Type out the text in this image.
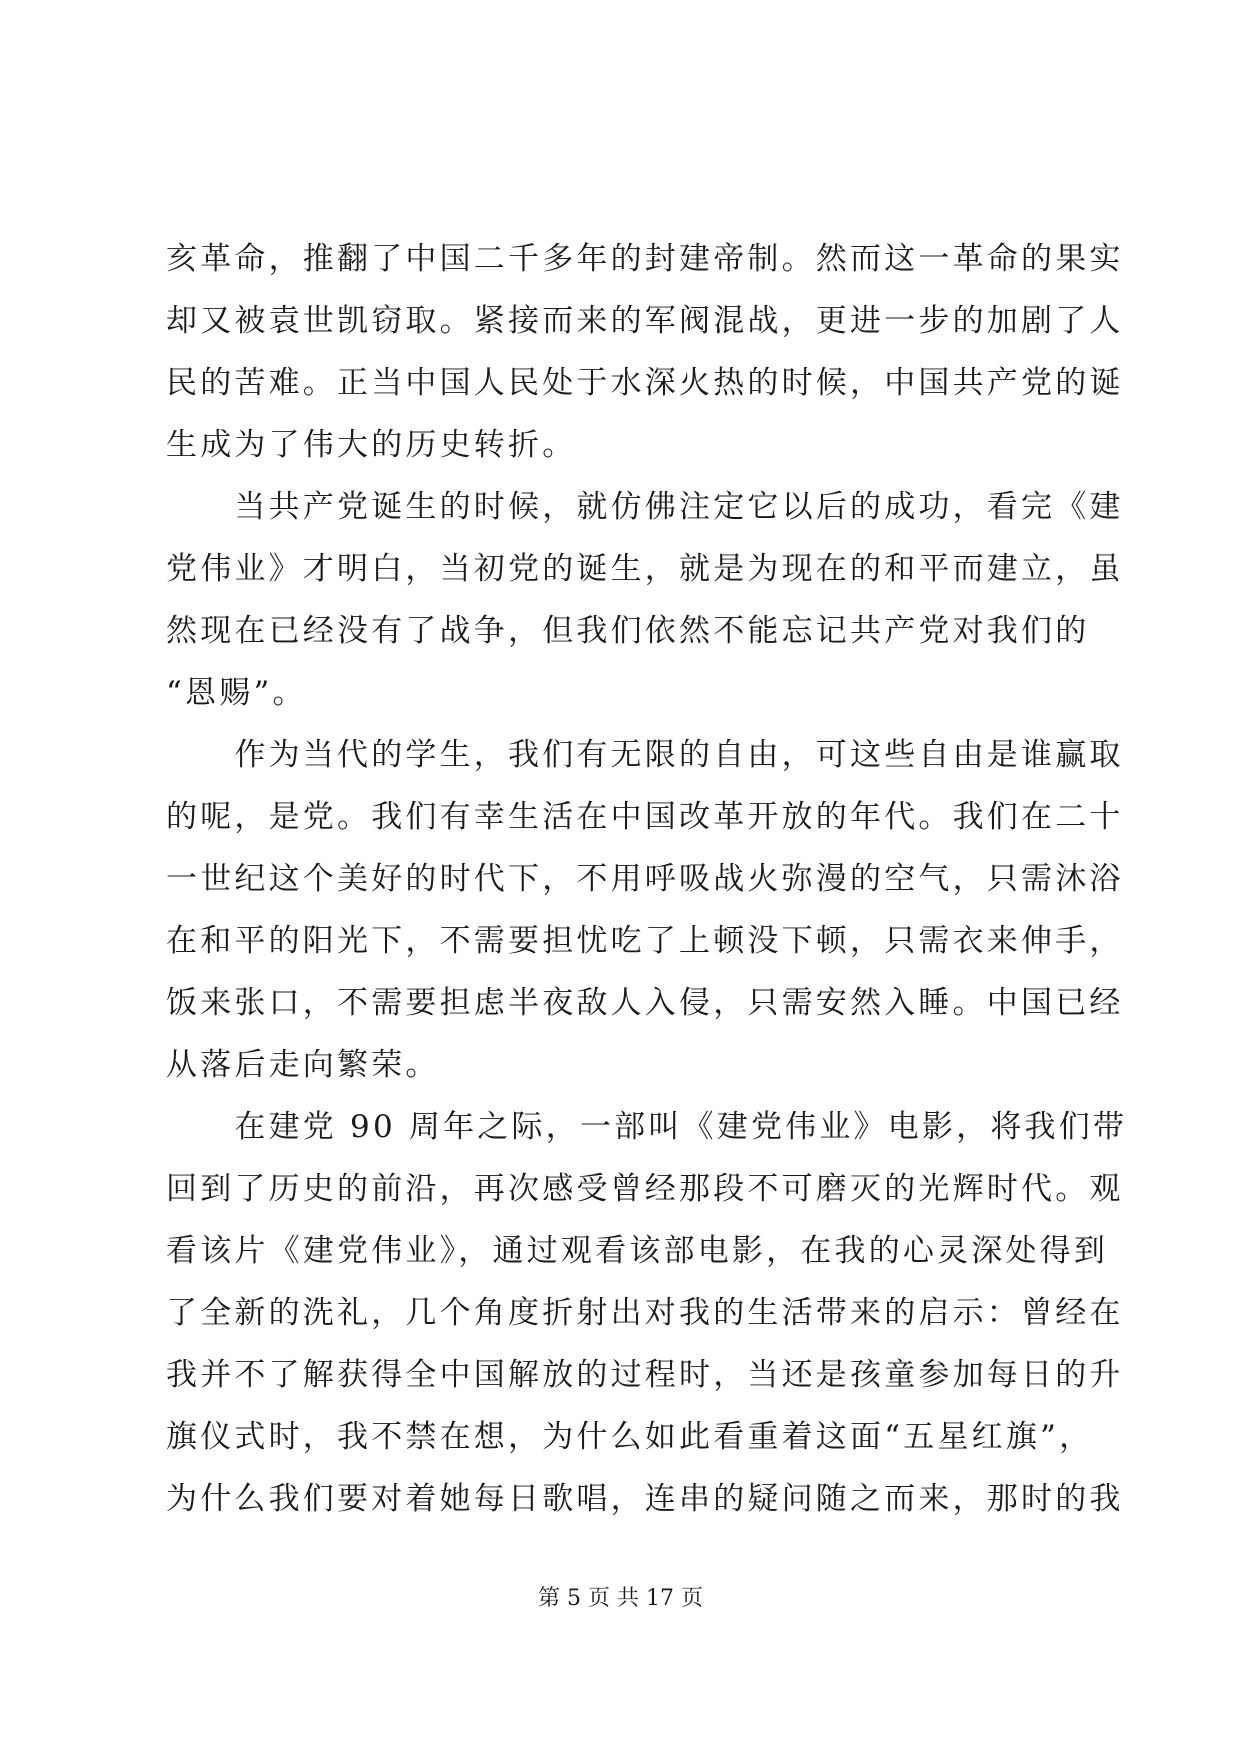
亥革命，推翻了中国二千多年的封建帝制。然而这一革命的果实
却又被袁世凯窃取。紧接而来的军阀混战，更进一步的加剧了人
民的苦难。正当中国人民处于水深火热的时候，中国共产党的诞
生成为了伟大的历史转折。
　　当共产党诞生的时候，就仿佛注定它以后的成功，看完《建
党伟业》才明白，当初党的诞生，就是为现在的和平而建立，虽
然现在已经没有了战争，但我们依然不能忘记共产党对我们的
“恩赐”。
　　作为当代的学生，我们有无限的自由，可这些自由是谁赢取
的呢，是党。我们有幸生活在中国改革开放的年代。我们在二十
一世纪这个美好的时代下，不用呼吸战火弥漫的空气，只需沐浴
在和平的阳光下，不需要担忧吃了上顿没下顿，只需衣来伸手，
饭来张口，不需要担虑半夜敌人入侵，只需安然入睡。中国已经
从落后走向繁荣。
　　在建党 90 周年之际，一部叫《建党伟业》电影，将我们带
回到了历史的前沿，再次感受曾经那段不可磨灭的光辉时代。观
看该片《建党伟业》，通过观看该部电影，在我的心灵深处得到
了全新的洗礼，几个角度折射出对我的生活带来的启示：曾经在
我并不了解获得全中国解放的过程时，当还是孩童参加每日的升
旗仪式时，我不禁在想，为什么如此看重着这面“五星红旗”，
为什么我们要对着她每日歌唱，连串的疑问随之而来，那时的我
第 5 页 共 17 页
